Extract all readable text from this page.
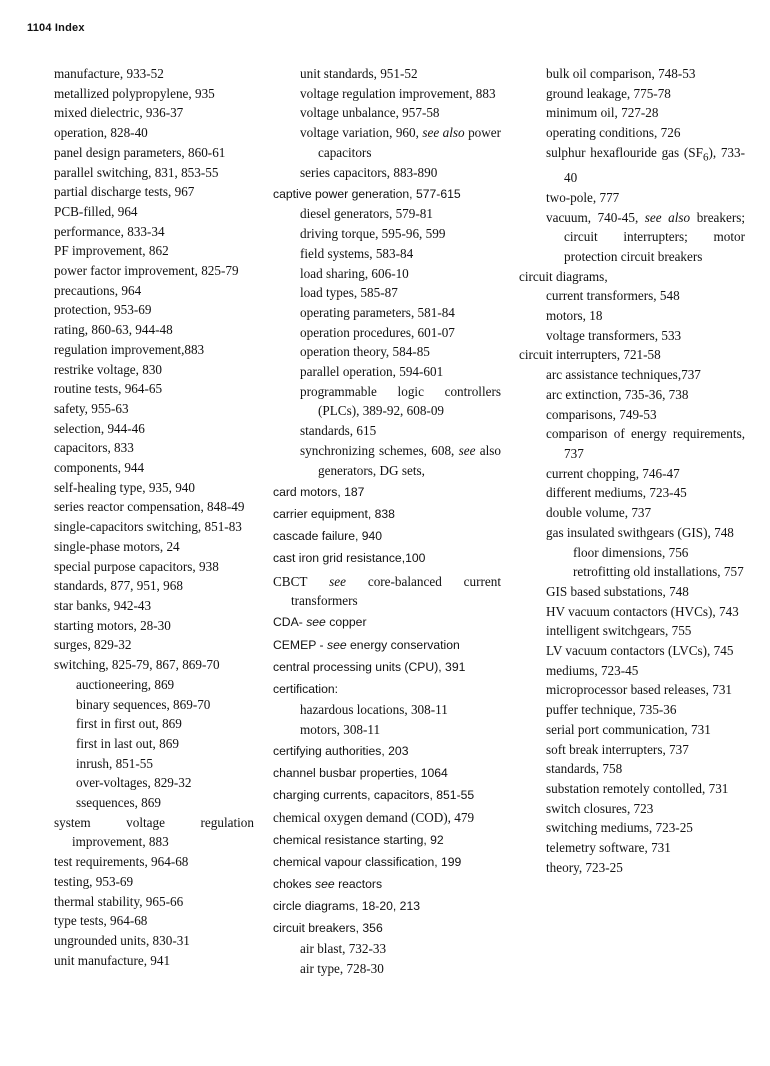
1104 Index

manufacture, 933-52

metallized polypropylene, 935

mixed dielectric, 936-37

operation, 828-40

panel design parameters, 860-61

parallel switching, 831, 853-55

partial discharge tests, 967

PCB-filled, 964

performance, 833-34

PF improvement, 862

power factor improvement, 825-79

precautions, 964

protection, 953-69

rating, 860-63, 944-48

regulation improvement,883

restrike voltage, 830

routine tests, 964-65

safety, 955-63

selection, 944-46

capacitors, 833

components, 944

self-healing type, 935, 940

series reactor compensation, 848-49

single-capacitors switching, 851-83

single-phase motors, 24

special purpose capacitors, 938

standards, 877, 951, 968

star banks, 942-43

starting motors, 28-30

surges, 829-32

switching, 825-79, 867, 869-70

auctioneering, 869

binary sequences, 869-70

first in first out, 869

first in last out, 869

inrush, 851-55

over-voltages, 829-32

ssequences, 869

system voltage regulation improvement, 883

test requirements, 964-68

testing, 953-69

thermal stability, 965-66

type tests, 964-68

ungrounded units, 830-31

unit manufacture, 941

unit standards, 951-52

voltage regulation improvement, 883

voltage unbalance, 957-58

voltage variation, 960, see also power capacitors

series capacitors, 883-890

captive power generation, 577-615

diesel generators, 579-81

driving torque, 595-96, 599

field systems, 583-84

load sharing, 606-10

load types, 585-87

operating parameters, 581-84

operation procedures, 601-07

operation theory, 584-85

parallel operation, 594-601

programmable logic controllers (PLCs), 389-92, 608-09

standards, 615

synchronizing schemes, 608, see also generators, DG sets,

card motors, 187

carrier equipment, 838

cascade failure, 940

cast iron grid resistance,100

CBCT see core-balanced current transformers

CDA- see copper

CEMEP - see energy conservation

central processing units (CPU), 391

certification:

hazardous locations, 308-11

motors, 308-11

certifying authorities, 203

channel busbar properties, 1064

charging currents, capacitors, 851-55

chemical oxygen demand (COD), 479

chemical resistance starting, 92

chemical vapour classification, 199

chokes see reactors

circle diagrams, 18-20, 213

circuit breakers, 356

air blast, 732-33

air type, 728-30

bulk oil comparison, 748-53

ground leakage, 775-78

minimum oil, 727-28

operating conditions, 726

sulphur hexaflouride gas $(SF_6)$, 733-40

two-pole, 777

vacuum, 740-45, see also breakers; circuit interrupters; motor protection circuit breakers

circuit diagrams,

current transformers, 548

motors, 18

voltage transformers, 533

circuit interrupters, 721-58

arc assistance techniques,737

arc extinction, 735-36, 738

comparisons, 749-53

comparison of energy requirements, 737

current chopping, 746-47

different mediums, 723-45

double volume, 737

gas insulated swithgears (GIS), 748

floor dimensions, 756

retrofitting old installations, 757

GIS based substations, 748

HV vacuum contactors (HVCs), 743

intelligent switchgears, 755

LV vacuum contactors (LVCs), 745

mediums, 723-45

microprocessor based releases, 731

puffer technique, 735-36

serial port communication, 731

soft break interrupters, 737

standards, 758

substation remotely contolled, 731

switch closures, 723

switching mediums, 723-25

telemetry software, 731

theory, 723-25
